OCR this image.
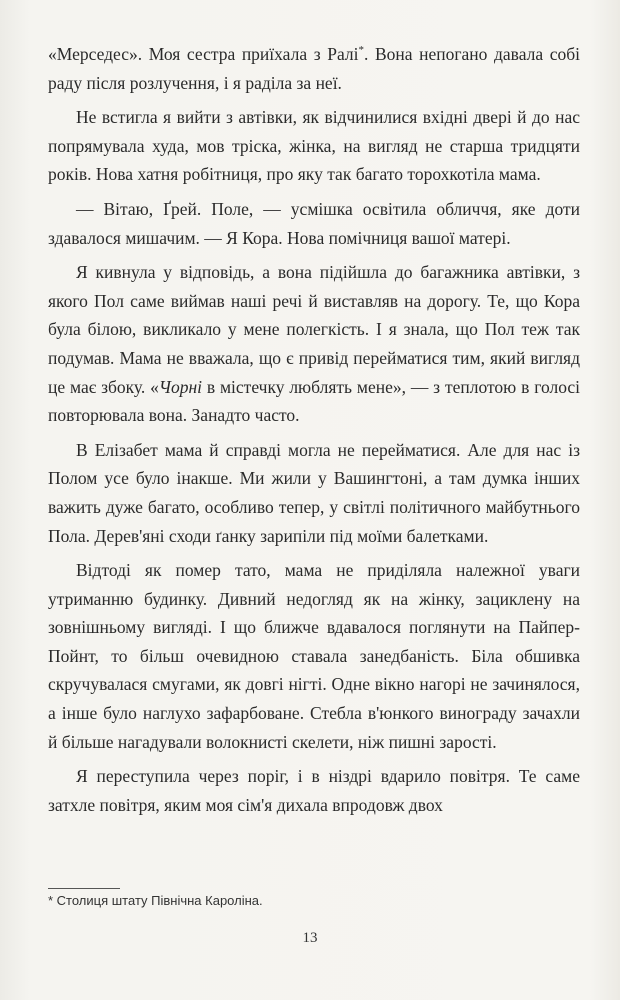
«Мерседес». Моя сестра приїхала з Ралі*. Вона непогано давала собі раду після розлучення, і я раділа за неї.

Не встигла я вийти з автівки, як відчинилися вхідні двері й до нас попрямувала худа, мов тріска, жінка, на вигляд не старша тридцяти років. Нова хатня робітниця, про яку так багато торохкотіла мама.

— Вітаю, Ґрей. Поле, — усмішка освітила обличчя, яке доти здавалося мишачим. — Я Кора. Нова помічниця вашої матері.

Я кивнула у відповідь, а вона підійшла до багажника автівки, з якого Пол саме виймав наші речі й виставляв на дорогу. Те, що Кора була білою, викликало у мене полегкість. І я знала, що Пол теж так подумав. Мама не вважала, що є привід перейматися тим, який вигляд це має збоку. «Чорні в містечку люблять мене», — з теплотою в голосі повторювала вона. Занадто часто.

В Елізабет мама й справді могла не перейматися. Але для нас із Полом усе було інакше. Ми жили у Вашингтоні, а там думка інших важить дуже багато, особливо тепер, у світлі політичного майбутнього Пола. Дерев'яні сходи ґанку зарипіли під моїми балетками.

Відтоді як помер тато, мама не приділяла належної уваги утриманню будинку. Дивний недогляд як на жінку, зациклену на зовнішньому вигляді. І що ближче вдавалося поглянути на Пайпер-Пойнт, то більш очевидною ставала занедбаність. Біла обшивка скручувалася смугами, як довгі нігті. Одне вікно нагорі не зачинялося, а інше було наглухо зафарбоване. Стебла в'юнкого винограду зачахли й більше нагадували волокнисті скелети, ніж пишні зарості.

Я переступила через поріг, і в ніздрі вдарило повітря. Те саме затхле повітря, яким моя сім'я дихала впродовж двох

* Столиця штату Північна Кароліна.
13
